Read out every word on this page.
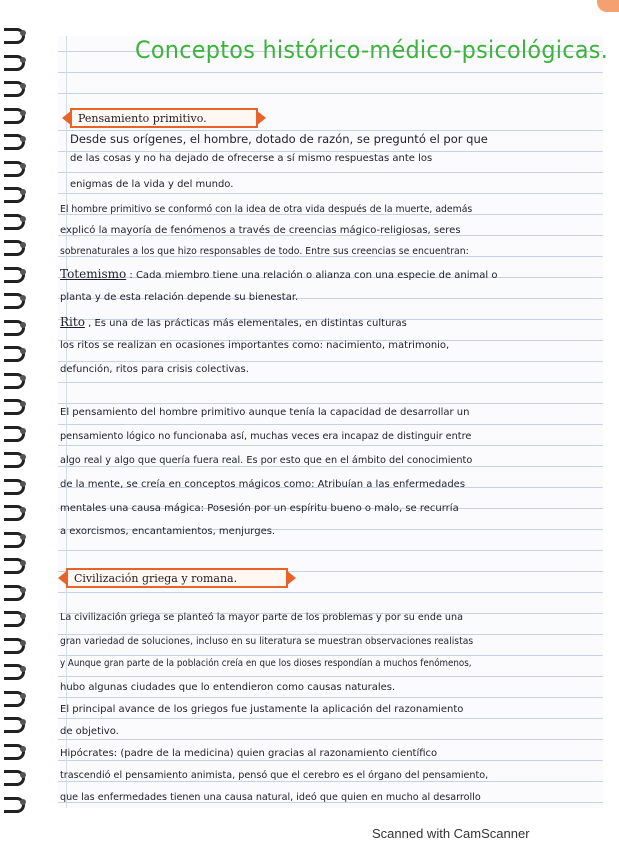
Conceptos histórico-médico-psicológicas.
Pensamiento primitivo.
Desde sus orígenes, el hombre, dotado de razón, se preguntó el por que
de las cosas y no ha dejado de ofrecerse a sí mismo respuestas ante los
enigmas de la vida y del mundo.
El hombre primitivo se conformó con la idea de otra vida después de la muerte, además
explicó la mayoría de fenómenos a través de creencias mágico-religiosas, seres
sobrenaturales a los que hizo responsables de todo. Entre sus creencias se encuentran:
Totemismo : Cada miembro tiene una relación o alianza con una especie de animal o
planta y de esta relación depende su bienestar.
Rito , Es una de las prácticas más elementales, en distintas culturas
los ritos se realizan en ocasiones importantes como: nacimiento, matrimonio,
defunción, ritos para crisis colectivas.
El pensamiento del hombre primitivo aunque tenía la capacidad de desarrollar un
pensamiento lógico no funcionaba así, muchas veces era incapaz de distinguir entre
algo real y algo que quería fuera real. Es por esto que en el ámbito del conocimiento
de la mente, se creía en conceptos mágicos como: Atribuían a las enfermedades
mentales una causa mágica: Posesión por un espíritu bueno o malo, se recurría
a exorcismos, encantamientos, menjurges.
Civilización griega y romana.
La civilización griega se planteó la mayor parte de los problemas y por su ende una
gran variedad de soluciones, incluso en su literatura se muestran observaciones realistas
y Aunque gran parte de la población creía en que los dioses respondían a muchos fenómenos,
hubo algunas ciudades que lo entendieron como causas naturales.
El principal avance de los griegos fue justamente la aplicación del razonamiento
de objetivo.
Hipócrates: (padre de la medicina) quien gracias al razonamiento científico
trascendió el pensamiento animista, pensó que el cerebro es el órgano del pensamiento,
que las enfermedades tienen una causa natural, ideó que quien en mucho al desarrollo
Scanned with CamScanner
